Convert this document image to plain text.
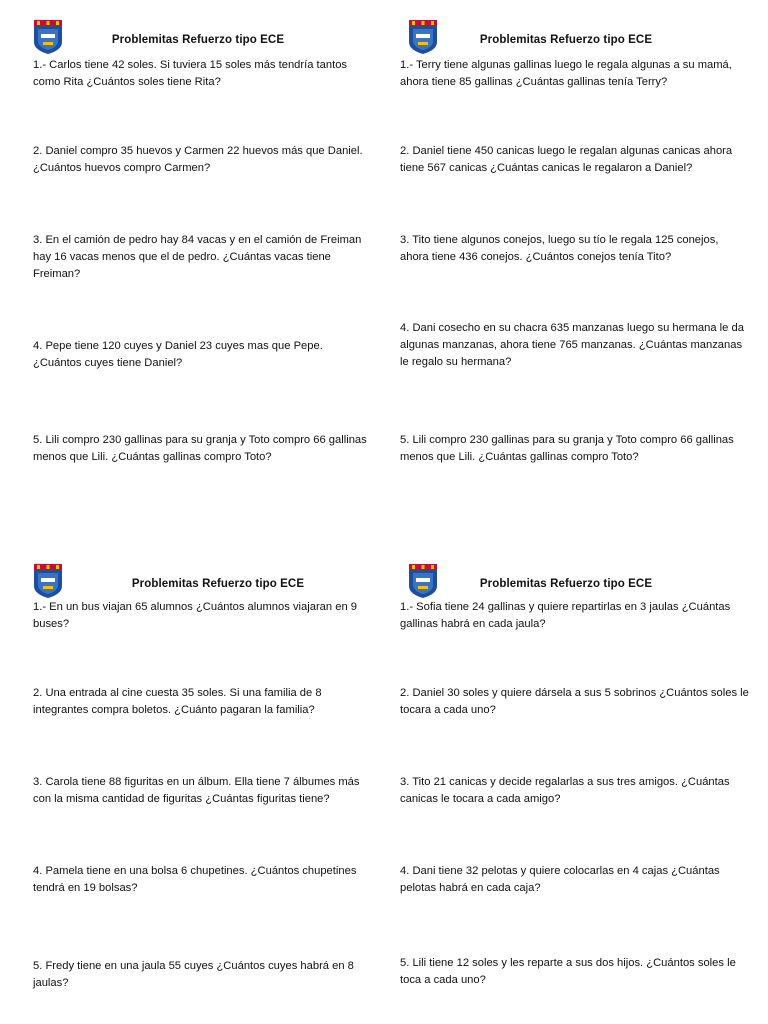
Problemitas Refuerzo tipo ECE
1.- Carlos tiene 42 soles. Si tuviera 15 soles más tendría tantos como Rita ¿Cuántos soles tiene Rita?
2. Daniel compro 35 huevos y Carmen 22 huevos más que Daniel. ¿Cuántos huevos compro Carmen?
3. En el camión de pedro hay 84 vacas y en el camión de Freiman hay 16 vacas menos que el de pedro. ¿Cuántas vacas tiene Freiman?
4. Pepe tiene 120 cuyes y Daniel 23 cuyes mas que Pepe. ¿Cuántos cuyes tiene Daniel?
5. Lili compro 230 gallinas para su granja y Toto compro 66 gallinas menos que Lili. ¿Cuántas gallinas compro Toto?
Problemitas Refuerzo tipo ECE
1.- Terry tiene algunas gallinas luego le regala algunas a su mamá, ahora tiene 85 gallinas ¿Cuántas gallinas tenía Terry?
2. Daniel tiene 450 canicas luego le regalan algunas canicas ahora tiene 567 canicas ¿Cuántas canicas le regalaron a Daniel?
3. Tito tiene algunos conejos, luego su tío le regala 125 conejos, ahora tiene 436 conejos. ¿Cuántos conejos tenía Tito?
4. Dani cosecho en su chacra 635 manzanas luego su hermana le da algunas manzanas, ahora tiene 765 manzanas. ¿Cuántas manzanas le regalo su hermana?
5. Lili compro 230 gallinas para su granja y Toto compro 66 gallinas menos que Lili. ¿Cuántas gallinas compro Toto?
Problemitas Refuerzo tipo ECE
1.- En un bus viajan 65 alumnos ¿Cuántos alumnos viajaran en 9 buses?
2. Una entrada al cine cuesta 35 soles. Si una familia de 8 integrantes compra boletos. ¿Cuánto pagaran la familia?
3. Carola tiene 88 figuritas en un álbum. Ella tiene 7 álbumes más con la misma cantidad de figuritas ¿Cuántas figuritas tiene?
4. Pamela tiene en una bolsa 6 chupetines. ¿Cuántos chupetines tendrá en 19 bolsas?
5. Fredy tiene en una jaula 55 cuyes ¿Cuántos cuyes habrá en 8 jaulas?
Problemitas Refuerzo tipo ECE
1.- Sofia tiene 24 gallinas y quiere repartirlas en 3 jaulas ¿Cuántas gallinas habrá en cada jaula?
2. Daniel 30 soles y quiere dársela a sus 5 sobrinos ¿Cuántos soles le tocara a cada uno?
3. Tito 21 canicas y decide regalarlas a sus tres amigos. ¿Cuántas canicas le tocara a cada amigo?
4. Dani tiene 32 pelotas y quiere colocarlas en 4 cajas ¿Cuántas pelotas habrá en cada caja?
5. Lili tiene 12 soles y les reparte a sus dos hijos. ¿Cuántos soles le toca a cada uno?
